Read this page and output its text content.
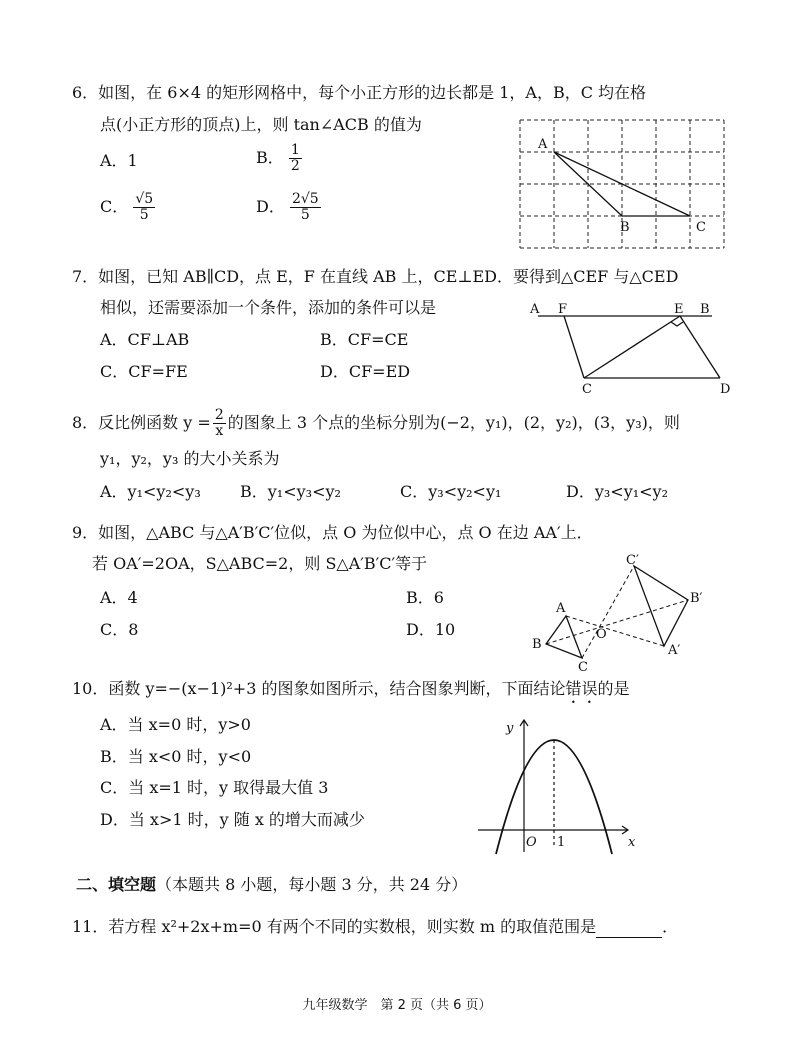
6．如图，在 6×4 的矩形网格中，每个小正方形的边长都是 1，A，B，C 均在格
点(小正方形的顶点)上，则 tan∠ACB 的值为
A．1	B． $\frac{1}{2}$
C． $\frac{√5}{5}$	D． $\frac{2√5}{5}$
A
B	C
7．如图，已知 AB∥CD，点 E，F 在直线 AB 上，CE⊥ED．要得到△CEF 与△CED
相似，还需要添加一个条件，添加的条件可以是
A．CF⊥AB	B．CF=CE
C．CF=FE	D．CF=ED
A F	E B
C	D
8．反比例函数 $y = \frac{2}{x}$ 的图象上 3 个点的坐标分别为(−2，y₁)，(2，y₂)，(3，y₃)，则
y₁，y₂，y₃ 的大小关系为
A．y₁<y₂<y₃ B．y₁<y₃<y₂	C．y₃<y₂<y₁	D．y₃<y₁<y₂
9．如图，△ABC 与△A′B′C′位似，点 O 为位似中心，点 O 在边 AA′上．
若 OA′=2OA，S△ABC=2，则 S△A′B′C′等于
A．4	B．6
C．8	D．10
A
B
C
O
A′
B′
C′
10．函数 y=−(x−1)²+3 的图象如图所示，结合图象判断，下面结论错误的是
A．当 x=0 时，y>0
B．当 x<0 时，y<0
C．当 x=1 时，y 取得最大值 3
D．当 x>1 时，y 随 x 的增大而减少
y
x
O 1
二、填空题（本题共 8 小题，每小题 3 分，共 24 分）
11．若方程 x²+2x+m=0 有两个不同的实数根，则实数 m 的取值范围是	．
九年级数学　第 2 页（共 6 页）
